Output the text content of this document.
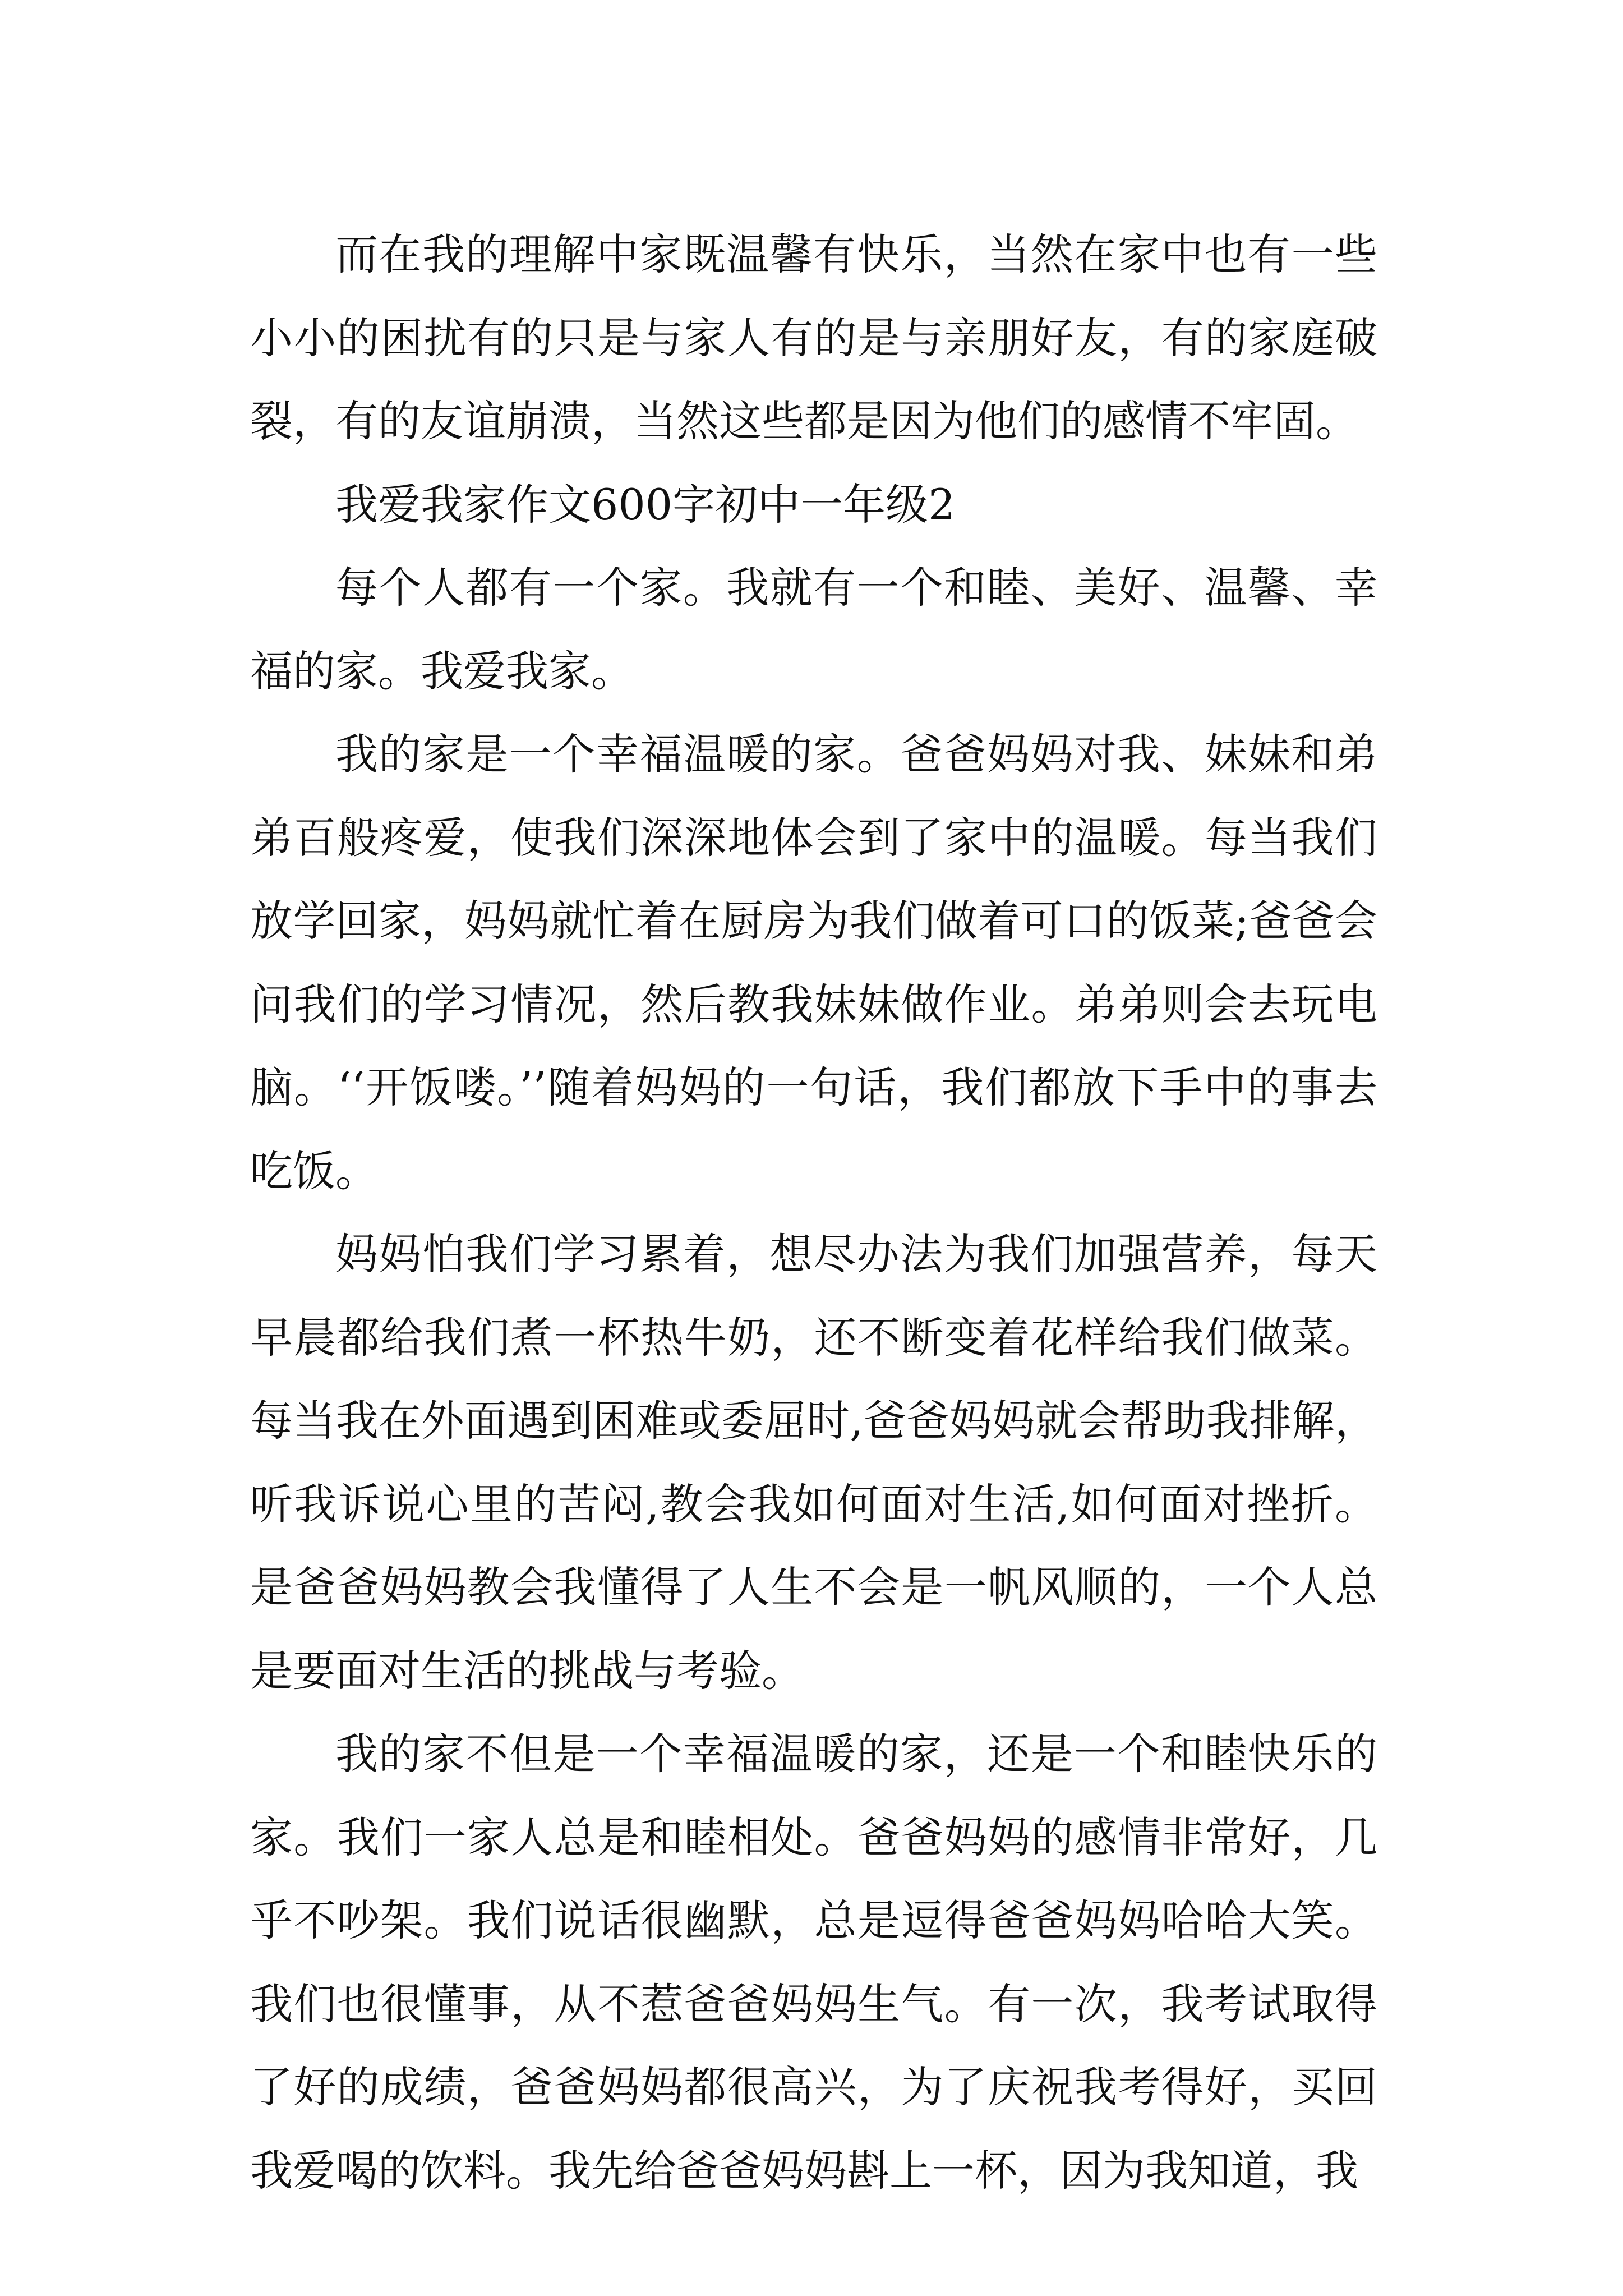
而在我的理解中家既温馨有快乐，当然在家中也有一些小小的困扰有的只是与家人有的是与亲朋好友，有的家庭破裂，有的友谊崩溃，当然这些都是因为他们的感情不牢固。

我爱我家作文600字初中一年级2

每个人都有一个家。我就有一个和睦、美好、温馨、幸福的家。我爱我家。

我的家是一个幸福温暖的家。爸爸妈妈对我、妹妹和弟弟百般疼爱，使我们深深地体会到了家中的温暖。每当我们放学回家，妈妈就忙着在厨房为我们做着可口的饭菜;爸爸会问我们的学习情况，然后教我妹妹做作业。弟弟则会去玩电脑。‘‘开饭喽。’’随着妈妈的一句话，我们都放下手中的事去吃饭。

妈妈怕我们学习累着，想尽办法为我们加强营养，每天早晨都给我们煮一杯热牛奶，还不断变着花样给我们做菜。每当我在外面遇到困难或委屈时,爸爸妈妈就会帮助我排解，听我诉说心里的苦闷,教会我如何面对生活,如何面对挫折。是爸爸妈妈教会我懂得了人生不会是一帆风顺的，一个人总是要面对生活的挑战与考验。

我的家不但是一个幸福温暖的家，还是一个和睦快乐的家。我们一家人总是和睦相处。爸爸妈妈的感情非常好，几乎不吵架。我们说话很幽默，总是逗得爸爸妈妈哈哈大笑。我们也很懂事，从不惹爸爸妈妈生气。有一次，我考试取得了好的成绩，爸爸妈妈都很高兴，为了庆祝我考得好，买回我爱喝的饮料。我先给爸爸妈妈斟上一杯，因为我知道，我
